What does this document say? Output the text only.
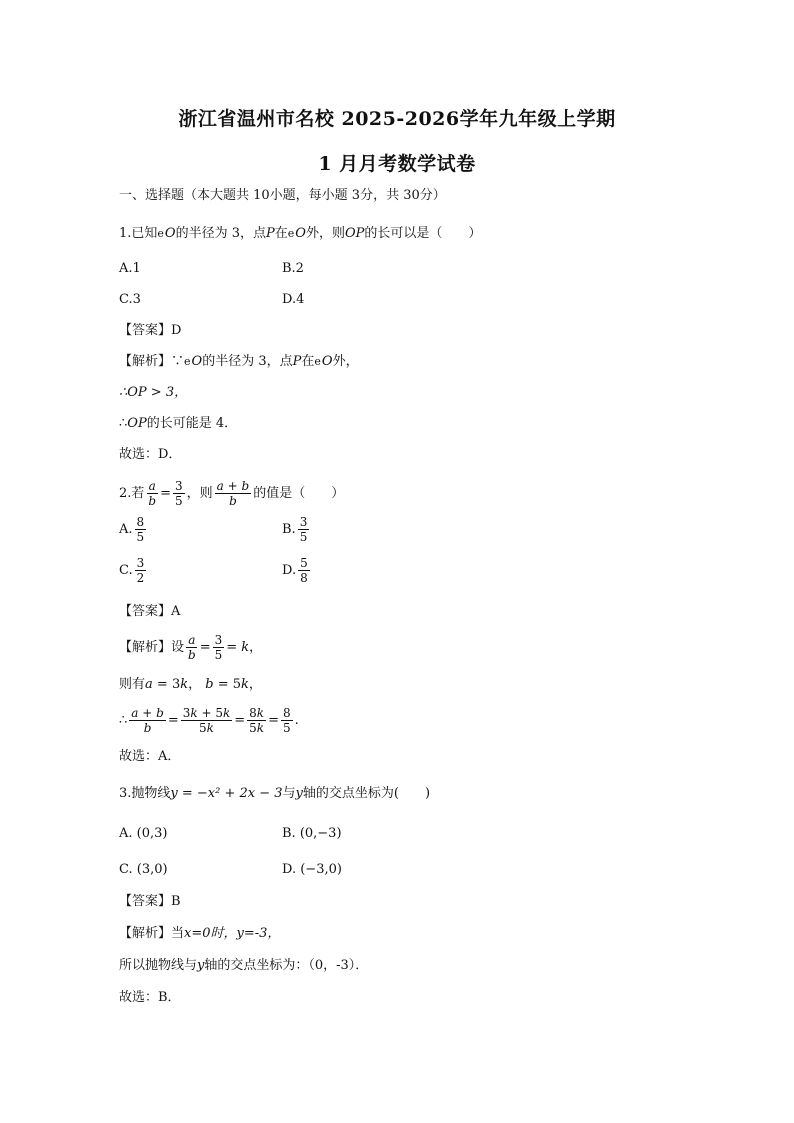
浙江省温州市名校 2025-2026学年九年级上学期
1 月月考数学试卷
一、选择题（本大题共 10小题，每小题 3分，共 30分）
1.已知eO的半径为 3，点P在eO外，则OP的长可以是（　　）
A.1	B.2
C.3	D.4
【答案】D
【解析】∵eO的半径为 3，点P在eO外，
∴OP > 3，
∴OP的长可能是 4．
故选：D．
2.若 $\frac{a}{b} = \frac{3}{5}$ ，则 $\frac{a + b}{b}$ 的值是（　　）
A. $\frac{8}{5}$	B. $\frac{3}{5}$
C. $\frac{3}{2}$	D. $\frac{5}{8}$
【答案】A
【解析】设 $\frac{a}{b} = \frac{3}{5} = k$，
则有a = 3k， b = 5k，
∴ $\frac{a + b}{b} = \frac{3k + 5k}{5k} = \frac{8k}{5k} = \frac{8}{5}$ .
故选：A．
3.抛物线y = −x² + 2x − 3与y轴的交点坐标为(　　)
A. (0,3)	B. (0,−3)
C. (3,0)	D. (−3,0)
【答案】B
【解析】当x=0时，y=-3，
所以抛物线与y轴的交点坐标为：（0，-3）．
故选：B．
